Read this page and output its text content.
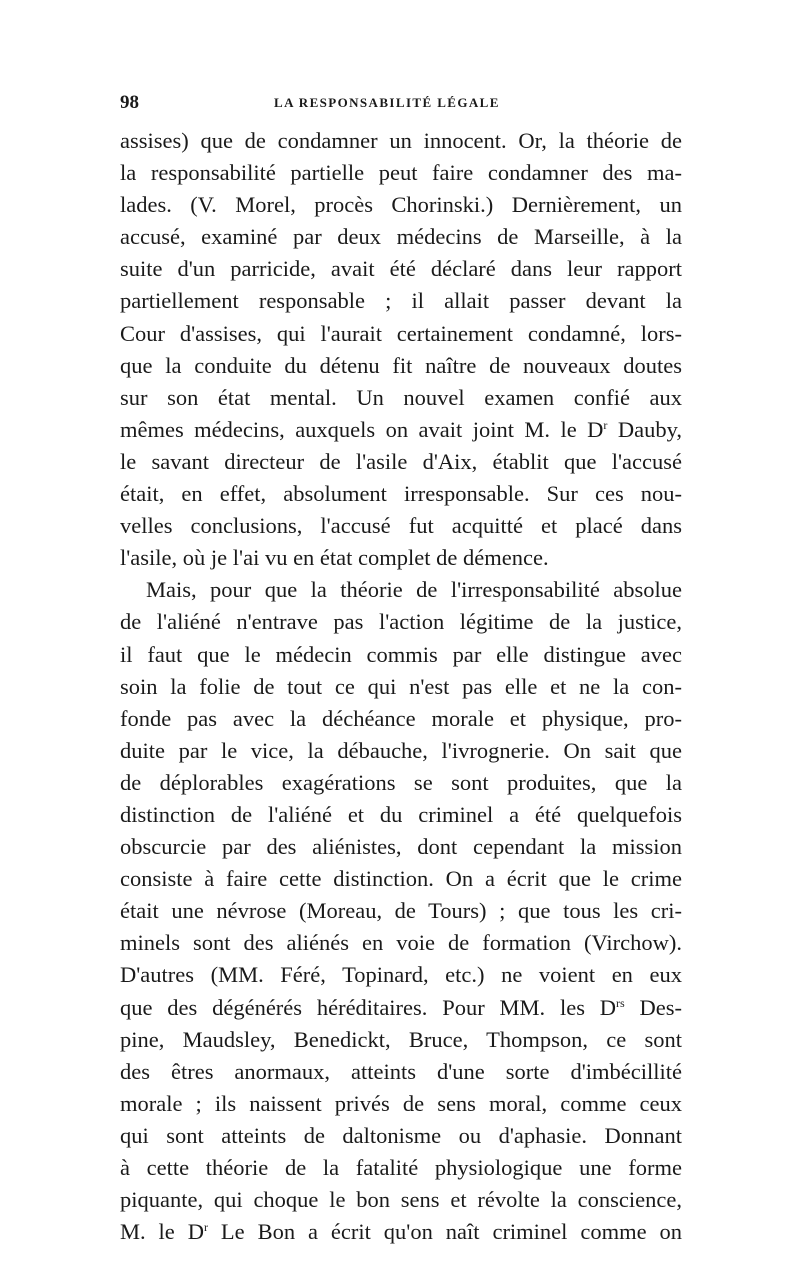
98	LA RESPONSABILITÉ LÉGALE
assises) que de condamner un innocent. Or, la théorie de
la responsabilité partielle peut faire condamner des ma-
lades. (V. Morel, procès Chorinski.) Dernièrement, un
accusé, examiné par deux médecins de Marseille, à la
suite d'un parricide, avait été déclaré dans leur rapport
partiellement responsable ; il allait passer devant la
Cour d'assises, qui l'aurait certainement condamné, lors-
que la conduite du détenu fit naître de nouveaux doutes
sur son état mental. Un nouvel examen confié aux
mêmes médecins, auxquels on avait joint M. le $D^r$ Dauby,
le savant directeur de l'asile d'Aix, établit que l'accusé
était, en effet, absolument irresponsable. Sur ces nou-
velles conclusions, l'accusé fut acquitté et placé dans
l'asile, où je l'ai vu en état complet de démence.
Mais, pour que la théorie de l'irresponsabilité absolue
de l'aliéné n'entrave pas l'action légitime de la justice,
il faut que le médecin commis par elle distingue avec
soin la folie de tout ce qui n'est pas elle et ne la con-
fonde pas avec la déchéance morale et physique, pro-
duite par le vice, la débauche, l'ivrognerie. On sait que
de déplorables exagérations se sont produites, que la
distinction de l'aliéné et du criminel a été quelquefois
obscurcie par des aliénistes, dont cependant la mission
consiste à faire cette distinction. On a écrit que le crime
était une névrose (Moreau, de Tours) ; que tous les cri-
minels sont des aliénés en voie de formation (Virchow).
D'autres (MM. Féré, Topinard, etc.) ne voient en eux
que des dégénérés héréditaires. Pour MM. les $D^{rs}$ Des-
pine, Maudsley, Benedickt, Bruce, Thompson, ce sont
des êtres anormaux, atteints d'une sorte d'imbécillité
morale ; ils naissent privés de sens moral, comme ceux
qui sont atteints de daltonisme ou d'aphasie. Donnant
à cette théorie de la fatalité physiologique une forme
piquante, qui choque le bon sens et révolte la conscience,
M. le $D^r$ Le Bon a écrit qu'on naît criminel comme on
